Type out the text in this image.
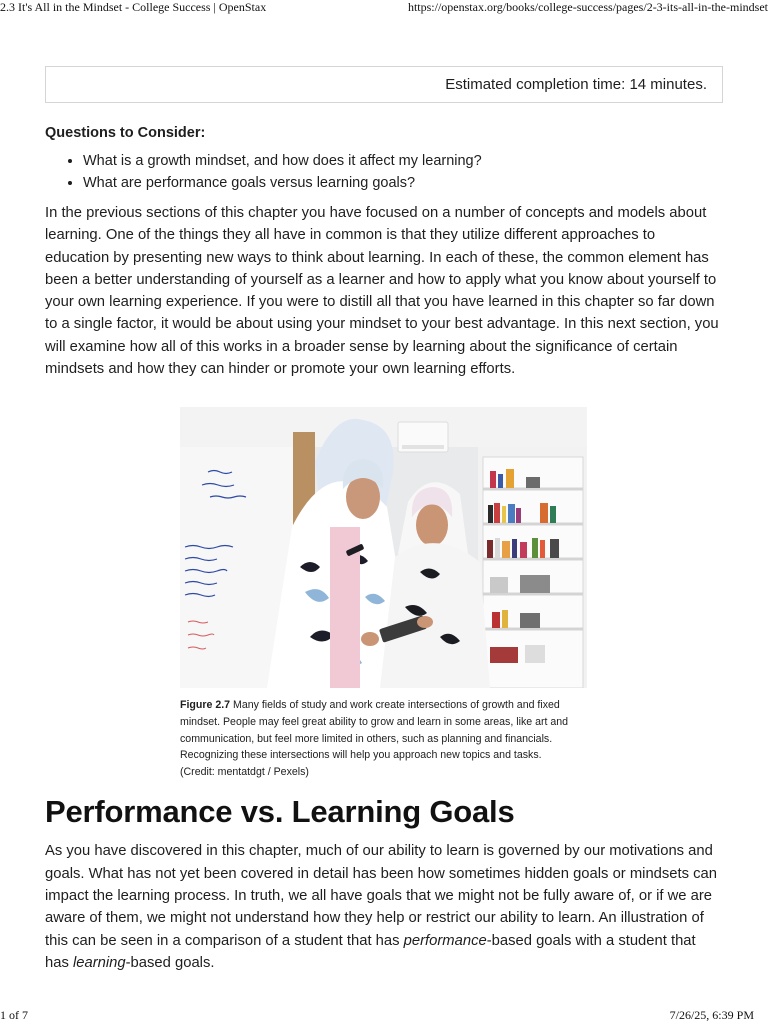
2.3 It's All in the Mindset - College Success | OpenStax	https://openstax.org/books/college-success/pages/2-3-its-all-in-the-mindset
Estimated completion time: 14 minutes.
Questions to Consider:
• What is a growth mindset, and how does it affect my learning?
• What are performance goals versus learning goals?

In the previous sections of this chapter you have focused on a number of concepts and models about learning. One of the things they all have in common is that they utilize different approaches to education by presenting new ways to think about learning. In each of these, the common element has been a better understanding of yourself as a learner and how to apply what you know about yourself to your own learning experience. If you were to distill all that you have learned in this chapter so far down to a single factor, it would be about using your mindset to your best advantage. In this next section, you will examine how all of this works in a broader sense by learning about the significance of certain mindsets and how they can hinder or promote your own learning efforts.

Figure 2.7 Many fields of study and work create intersections of growth and fixed mindset. People may feel great ability to grow and learn in some areas, like art and communication, but feel more limited in others, such as planning and financials. Recognizing these intersections will help you approach new topics and tasks. (Credit: mentatdgt / Pexels)
Performance vs. Learning Goals

As you have discovered in this chapter, much of our ability to learn is governed by our motivations and goals. What has not yet been covered in detail has been how sometimes hidden goals or mindsets can impact the learning process. In truth, we all have goals that we might not be fully aware of, or if we are aware of them, we might not understand how they help or restrict our ability to learn. An illustration of this can be seen in a comparison of a student that has performance-based goals with a student that has learning-based goals.

1 of 7	7/26/25, 6:39 PM
